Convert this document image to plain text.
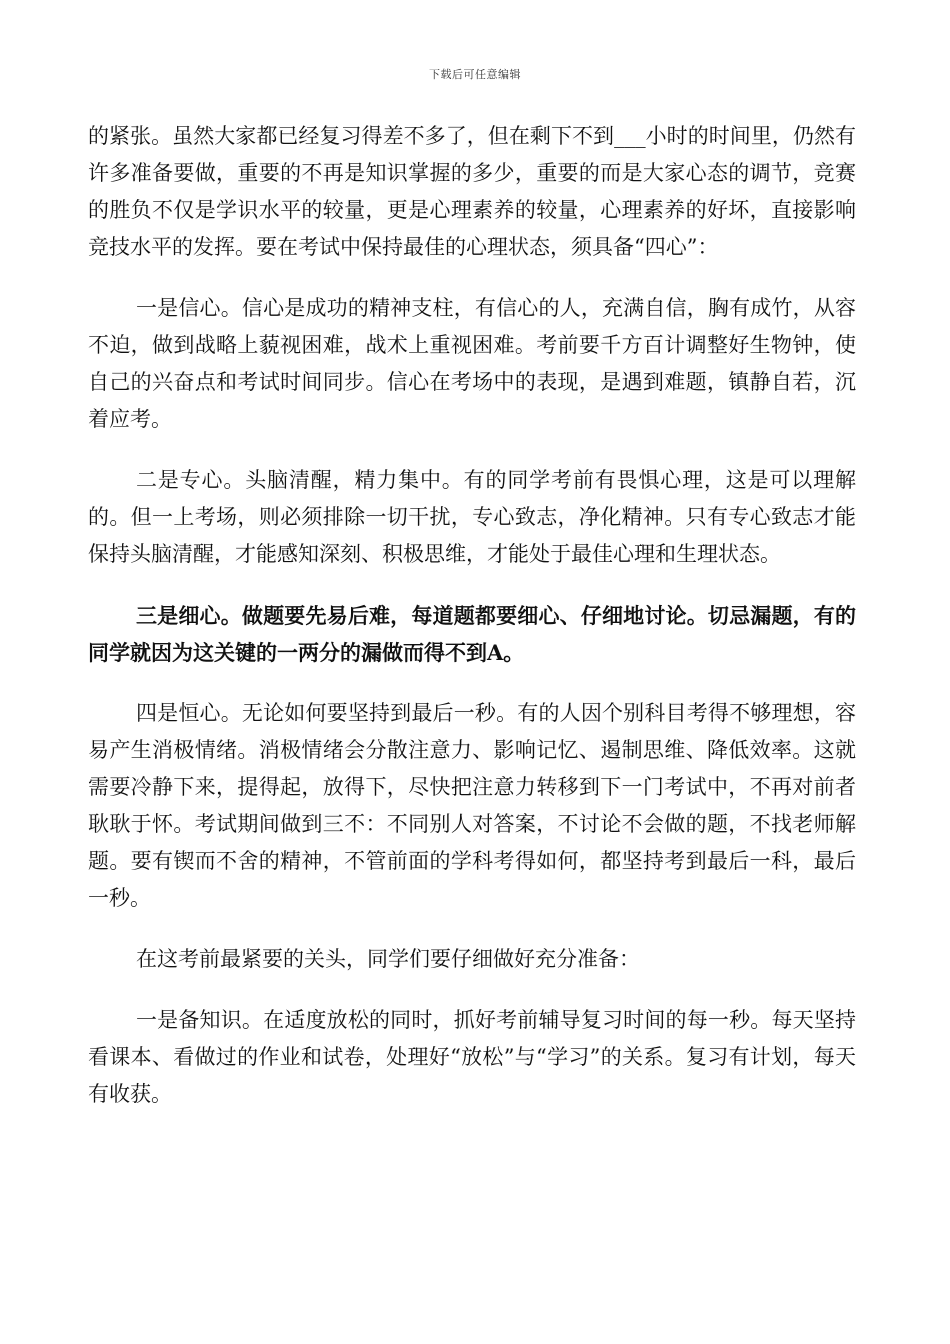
下载后可任意编辑

的紧张。虽然大家都已经复习得差不多了，但在剩下不到___小时的时间里，仍然有许多准备要做，重要的不再是知识掌握的多少，重要的而是大家心态的调节，竞赛的胜负不仅是学识水平的较量，更是心理素养的较量，心理素养的好坏，直接影响竞技水平的发挥。要在考试中保持最佳的心理状态，须具备“四心”：

一是信心。信心是成功的精神支柱，有信心的人，充满自信，胸有成竹，从容不迫，做到战略上藐视困难，战术上重视困难。考前要千方百计调整好生物钟，使自己的兴奋点和考试时间同步。信心在考场中的表现，是遇到难题，镇静自若，沉着应考。

二是专心。头脑清醒，精力集中。有的同学考前有畏惧心理，这是可以理解的。但一上考场，则必须排除一切干扰，专心致志，净化精神。只有专心致志才能保持头脑清醒，才能感知深刻、积极思维，才能处于最佳心理和生理状态。

三是细心。做题要先易后难，每道题都要细心、仔细地讨论。切忌漏题，有的同学就因为这关键的一两分的漏做而得不到A。

四是恒心。无论如何要坚持到最后一秒。有的人因个别科目考得不够理想，容易产生消极情绪。消极情绪会分散注意力、影响记忆、遏制思维、降低效率。这就需要冷静下来，提得起，放得下，尽快把注意力转移到下一门考试中，不再对前者耿耿于怀。考试期间做到三不：不同别人对答案，不讨论不会做的题，不找老师解题。要有锲而不舍的精神，不管前面的学科考得如何，都坚持考到最后一科，最后一秒。

在这考前最紧要的关头，同学们要仔细做好充分准备：

一是备知识。在适度放松的同时，抓好考前辅导复习时间的每一秒。每天坚持看课本、看做过的作业和试卷，处理好“放松”与“学习”的关系。复习有计划，每天有收获。
